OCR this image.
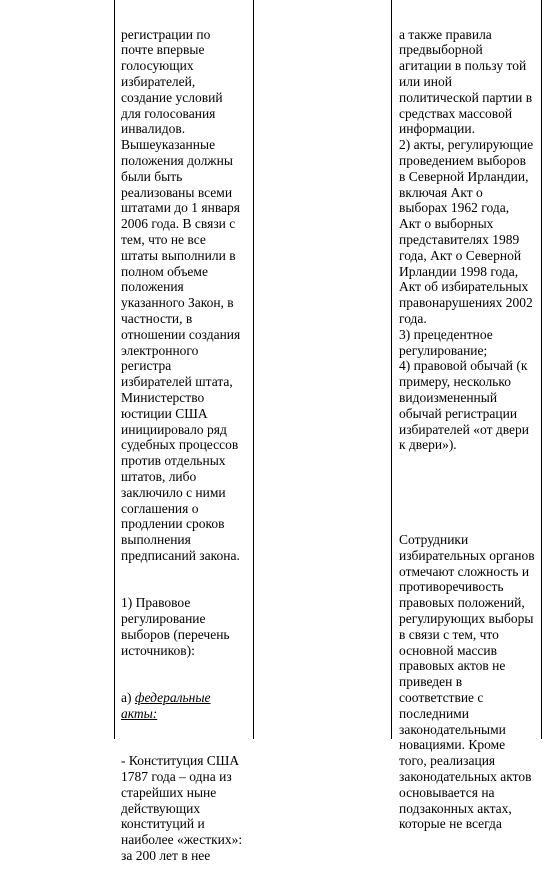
регистрации по
почте впервые
голосующих
избирателей,
создание условий
для голосования
инвалидов.
Вышеуказанные
положения должны
были быть
реализованы всеми
штатами до 1 января
2006 года. В связи с
тем, что не все
штаты выполнили в
полном объеме
положения
указанного Закон, в
частности, в
отношении создания
электронного
регистра
избирателей штата,
Министерство
юстиции США
инициировало ряд
судебных процессов
против отдельных
штатов, либо
заключило с ними
соглашения о
продлении сроков
выполнения
предписаний закона.

1) Правовое
регулирование
выборов (перечень
источников):

а) федеральные
акты:

- Конституция США
1787 года – одна из
старейших ныне
действующих
конституций и
наиболее «жестких»:
за 200 лет в нее

а также правила
предвыборной
агитации в пользу той
или иной
политической партии в
средствах массовой
информации.
2) акты, регулирующие
проведением выборов
в Северной Ирландии,
включая Акт о
выборах 1962 года,
Акт о выборных
представителях 1989
года, Акт о Северной
Ирландии 1998 года,
Акт об избирательных
правонарушениях 2002
года.
3) прецедентное
регулирование;
4) правовой обычай (к
примеру, несколько
видоизмененный
обычай регистрации
избирателей «от двери
к двери»).

Сотрудники
избирательных органов
отмечают сложность и
противоречивость
правовых положений,
регулирующих выборы
в связи с тем, что
основной массив
правовых актов не
приведен в
соответствие с
последними
законодательными
новациями. Кроме
того, реализация
законодательных актов
основывается на
подзаконных актах,
которые не всегда
